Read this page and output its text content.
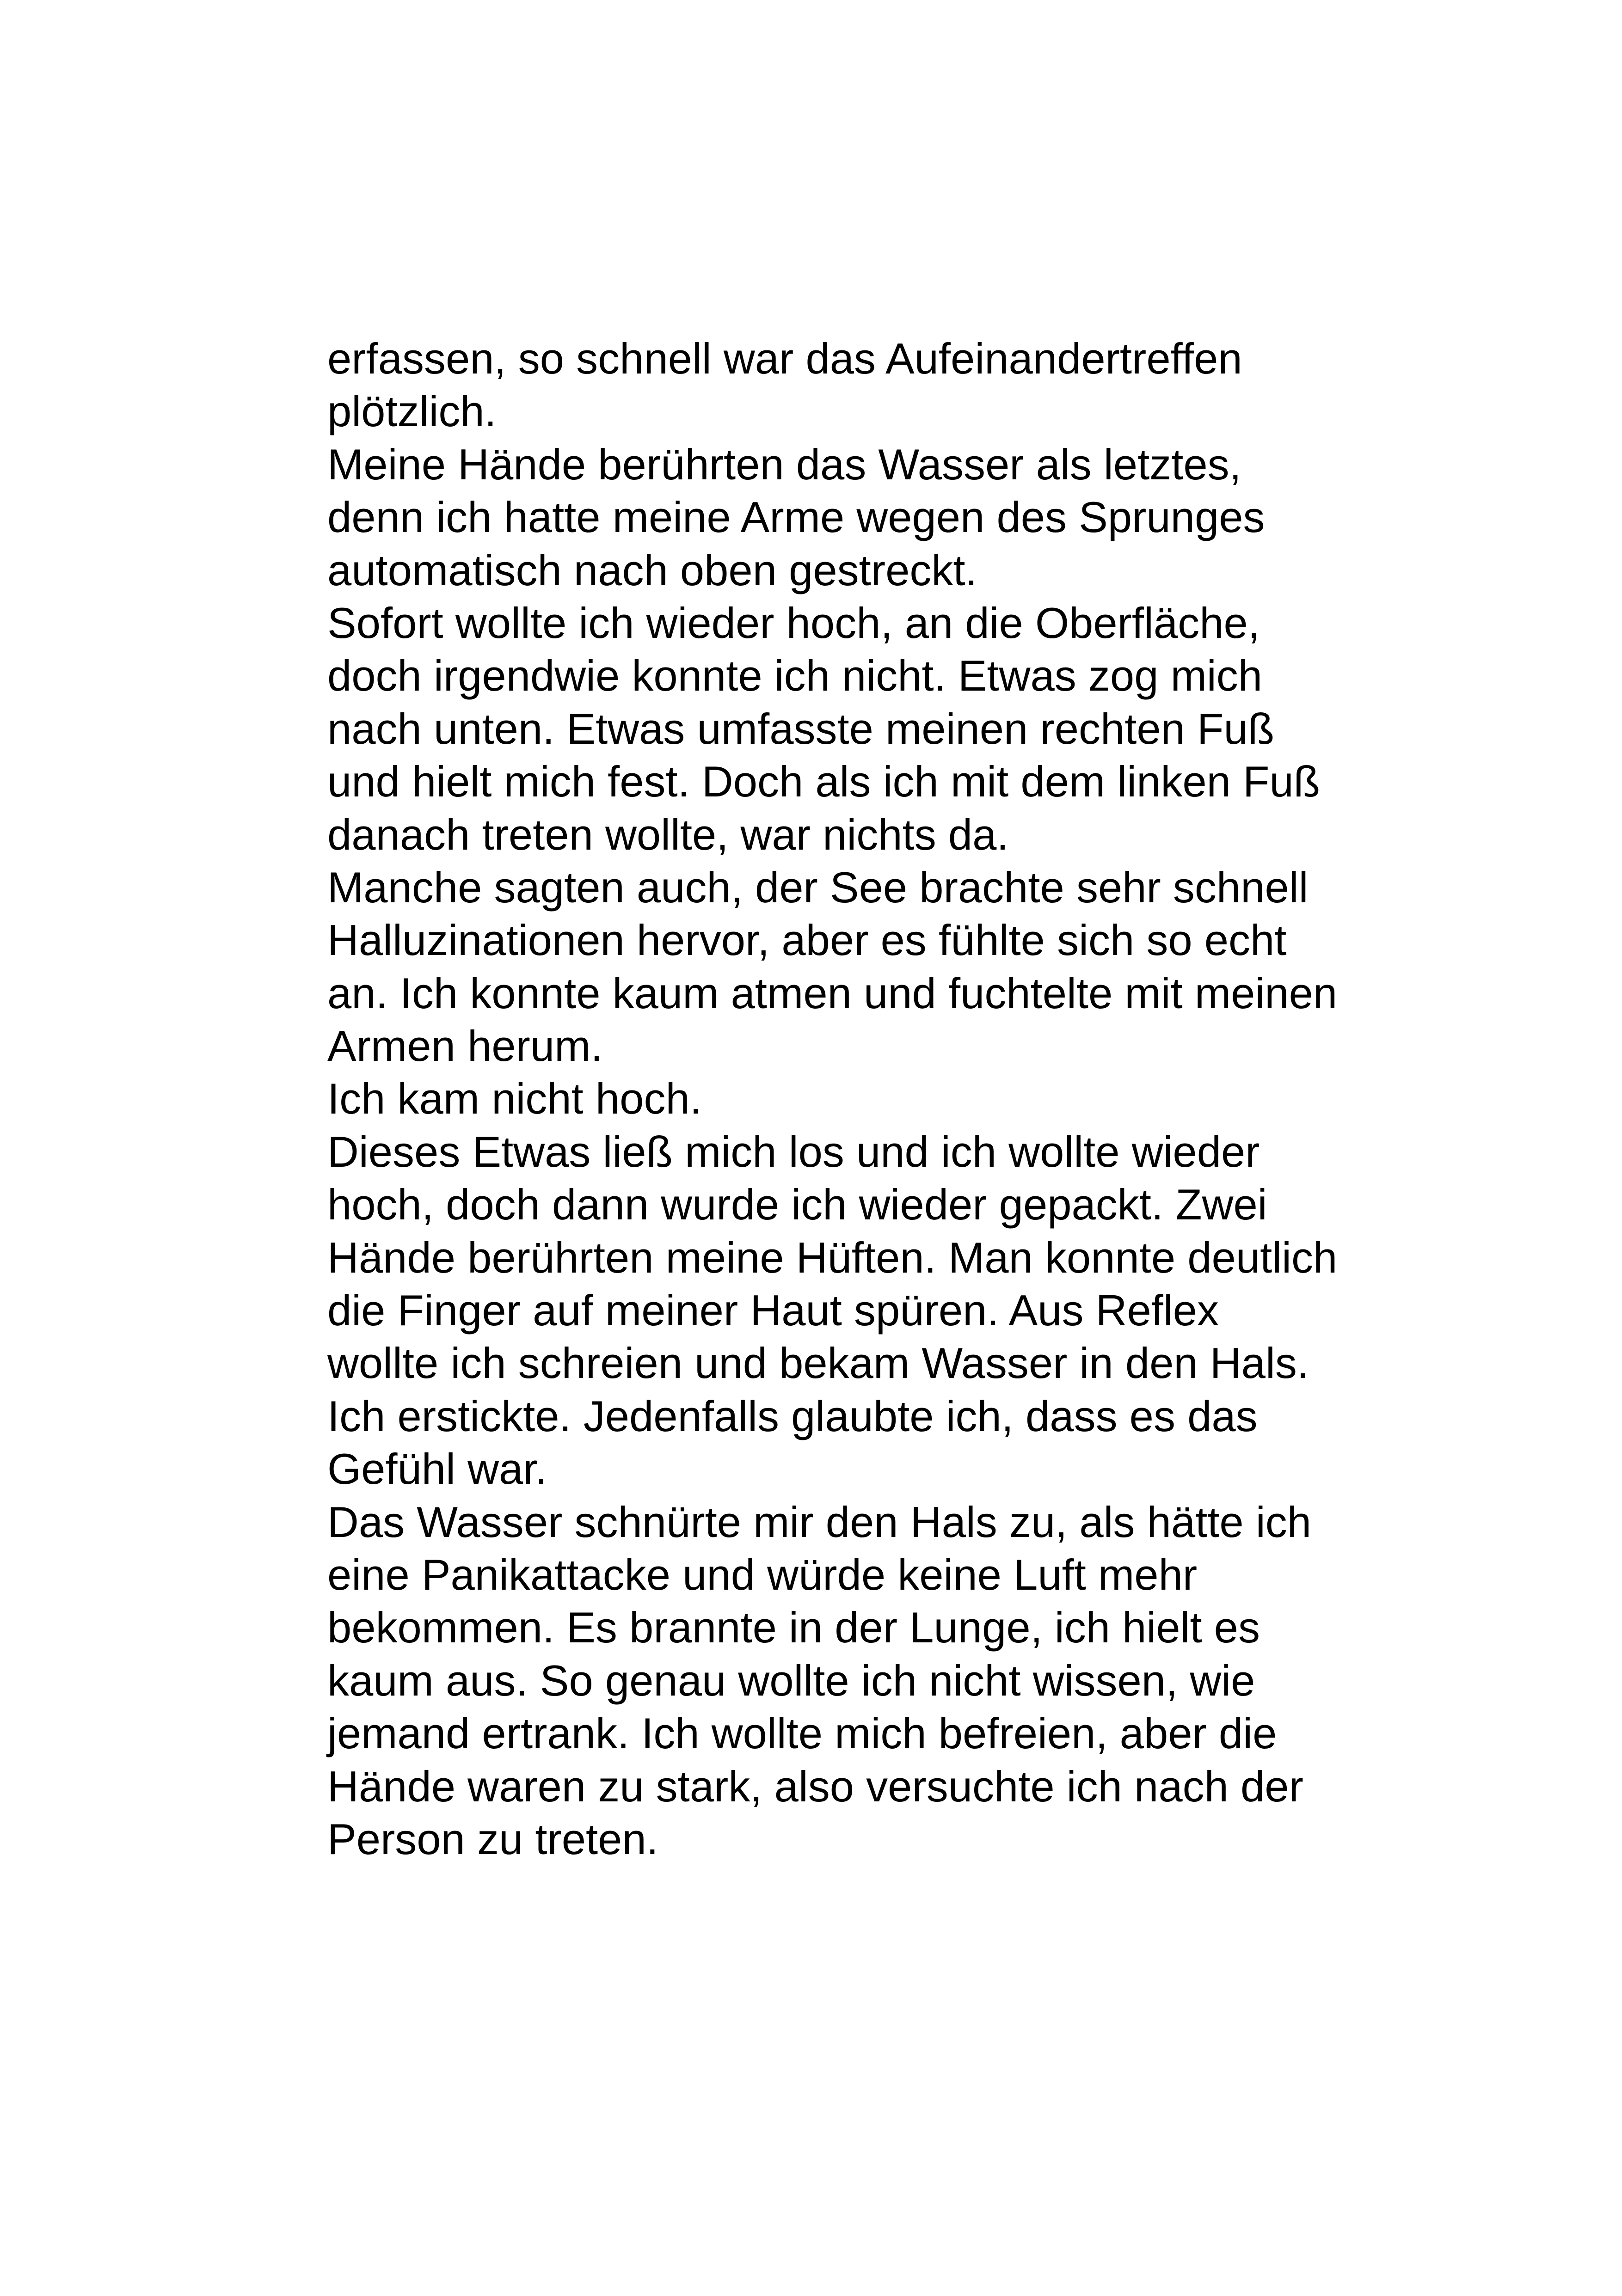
erfassen, so schnell war das Aufeinandertreffen
plötzlich.
Meine Hände berührten das Wasser als letztes,
denn ich hatte meine Arme wegen des Sprunges
automatisch nach oben gestreckt.
Sofort wollte ich wieder hoch, an die Oberfläche,
doch irgendwie konnte ich nicht. Etwas zog mich
nach unten. Etwas umfasste meinen rechten Fuß
und hielt mich fest. Doch als ich mit dem linken Fuß
danach treten wollte, war nichts da.
Manche sagten auch, der See brachte sehr schnell
Halluzinationen hervor, aber es fühlte sich so echt
an. Ich konnte kaum atmen und fuchtelte mit meinen
Armen herum.
Ich kam nicht hoch.
Dieses Etwas ließ mich los und ich wollte wieder
hoch, doch dann wurde ich wieder gepackt. Zwei
Hände berührten meine Hüften. Man konnte deutlich
die Finger auf meiner Haut spüren. Aus Reflex
wollte ich schreien und bekam Wasser in den Hals.
Ich erstickte. Jedenfalls glaubte ich, dass es das
Gefühl war.
Das Wasser schnürte mir den Hals zu, als hätte ich
eine Panikattacke und würde keine Luft mehr
bekommen. Es brannte in der Lunge, ich hielt es
kaum aus. So genau wollte ich nicht wissen, wie
jemand ertrank. Ich wollte mich befreien, aber die
Hände waren zu stark, also versuchte ich nach der
Person zu treten.
